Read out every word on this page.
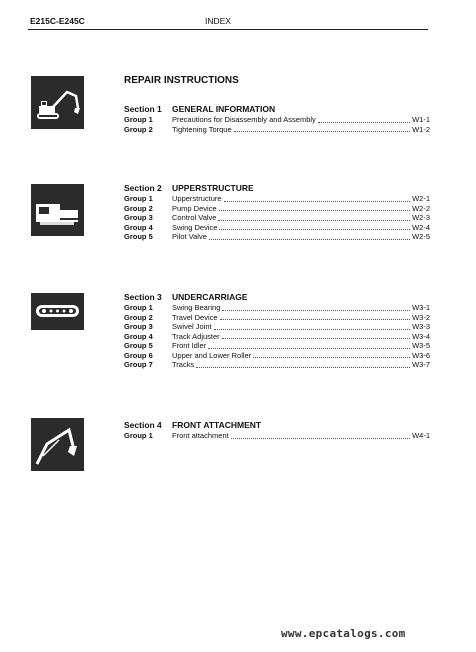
E215C-E245C	INDEX
REPAIR INSTRUCTIONS
Section 1 GENERAL INFORMATION
Group 1	Precautions for Disassembly and Assembly	W1-1
Group 2	Tightening Torque	W1-2
Section 2 UPPERSTRUCTURE
Group 1	Upperstructure	W2-1
Group 2	Pump Device	W2-2
Group 3	Control Valve	W2-3
Group 4	Swing Device	W2-4
Group 5	Pilot Valve	W2-5
Section 3 UNDERCARRIAGE
Group 1	Swing Bearing	W3-1
Group 2	Travel Device	W3-2
Group 3	Swivel Joint	W3-3
Group 4	Track Adjuster	W3-4
Group 5	Front Idler	W3-5
Group 6	Upper and Lower Roller	W3-6
Group 7	Tracks	W3-7
Section 4 FRONT ATTACHMENT
Group 1	Front attachment	W4-1
www.epcatalogs.com
